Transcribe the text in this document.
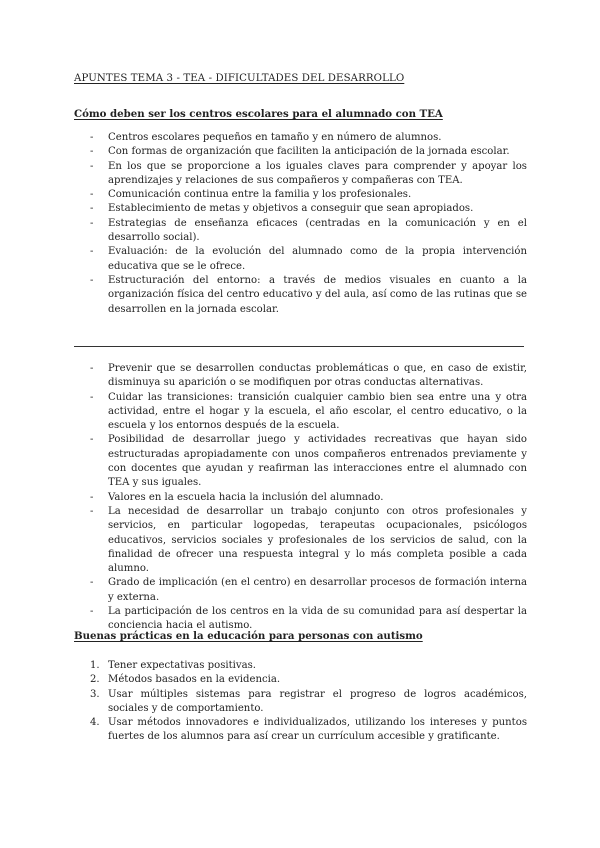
APUNTES TEMA 3 - TEA - DIFICULTADES DEL DESARROLLO
Cómo deben ser los centros escolares para el alumnado con TEA
- Centros escolares pequeños en tamaño y en número de alumnos.
- Con formas de organización que faciliten la anticipación de la jornada escolar.
- En los que se proporcione a los iguales claves para comprender y apoyar los aprendizajes y relaciones de sus compañeros y compañeras con TEA.
- Comunicación continua entre la familia y los profesionales.
- Establecimiento de metas y objetivos a conseguir que sean apropiados.
- Estrategias de enseñanza eficaces (centradas en la comunicación y en el desarrollo social).
- Evaluación: de la evolución del alumnado como de la propia intervención educativa que se le ofrece.
- Estructuración del entorno: a través de medios visuales en cuanto a la organización física del centro educativo y del aula, así como de las rutinas que se desarrollen en la jornada escolar.
- Prevenir que se desarrollen conductas problemáticas o que, en caso de existir, disminuya su aparición o se modifiquen por otras conductas alternativas.
- Cuidar las transiciones: transición cualquier cambio bien sea entre una y otra actividad, entre el hogar y la escuela, el año escolar, el centro educativo, o la escuela y los entornos después de la escuela.
- Posibilidad de desarrollar juego y actividades recreativas que hayan sido estructuradas apropiadamente con unos compañeros entrenados previamente y con docentes que ayudan y reafirman las interacciones entre el alumnado con TEA y sus iguales.
- Valores en la escuela hacia la inclusión del alumnado.
- La necesidad de desarrollar un trabajo conjunto con otros profesionales y servicios, en particular logopedas, terapeutas ocupacionales, psicólogos educativos, servicios sociales y profesionales de los servicios de salud, con la finalidad de ofrecer una respuesta integral y lo más completa posible a cada alumno.
- Grado de implicación (en el centro) en desarrollar procesos de formación interna y externa.
- La participación de los centros en la vida de su comunidad para así despertar la conciencia hacia el autismo.
Buenas prácticas en la educación para personas con autismo
1. Tener expectativas positivas.
2. Métodos basados en la evidencia.
3. Usar múltiples sistemas para registrar el progreso de logros académicos, sociales y de comportamiento.
4. Usar métodos innovadores e individualizados, utilizando los intereses y puntos fuertes de los alumnos para así crear un currículum accesible y gratificante.
